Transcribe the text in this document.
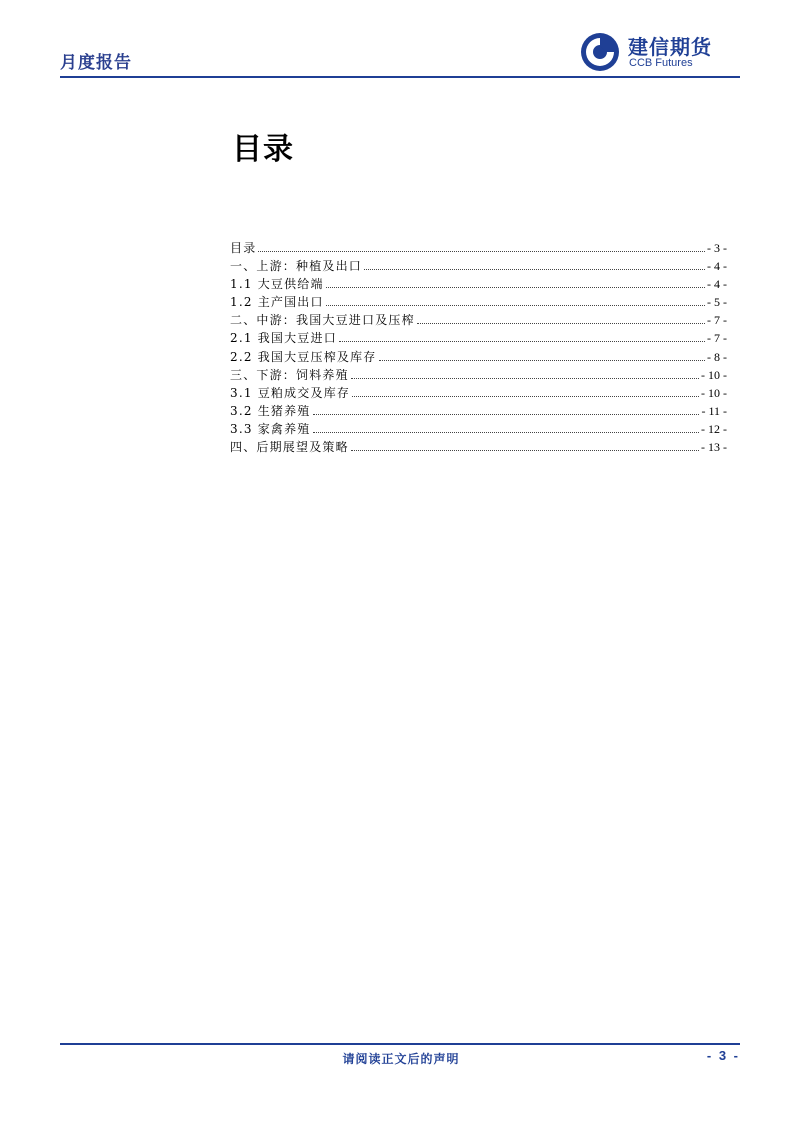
月度报告
建信期货
CCB Futures
目录
目录	- 3 -
一、上游：种植及出口	- 4 -
1.1 大豆供给端	- 4 -
1.2 主产国出口	- 5 -
二、中游：我国大豆进口及压榨	- 7 -
2.1 我国大豆进口	- 7 -
2.2 我国大豆压榨及库存	- 8 -
三、下游：饲料养殖	- 10 -
3.1 豆粕成交及库存	- 10 -
3.2 生猪养殖	- 11 -
3.3 家禽养殖	- 12 -
四、后期展望及策略	- 13 -
请阅读正文后的声明	- 3 -
